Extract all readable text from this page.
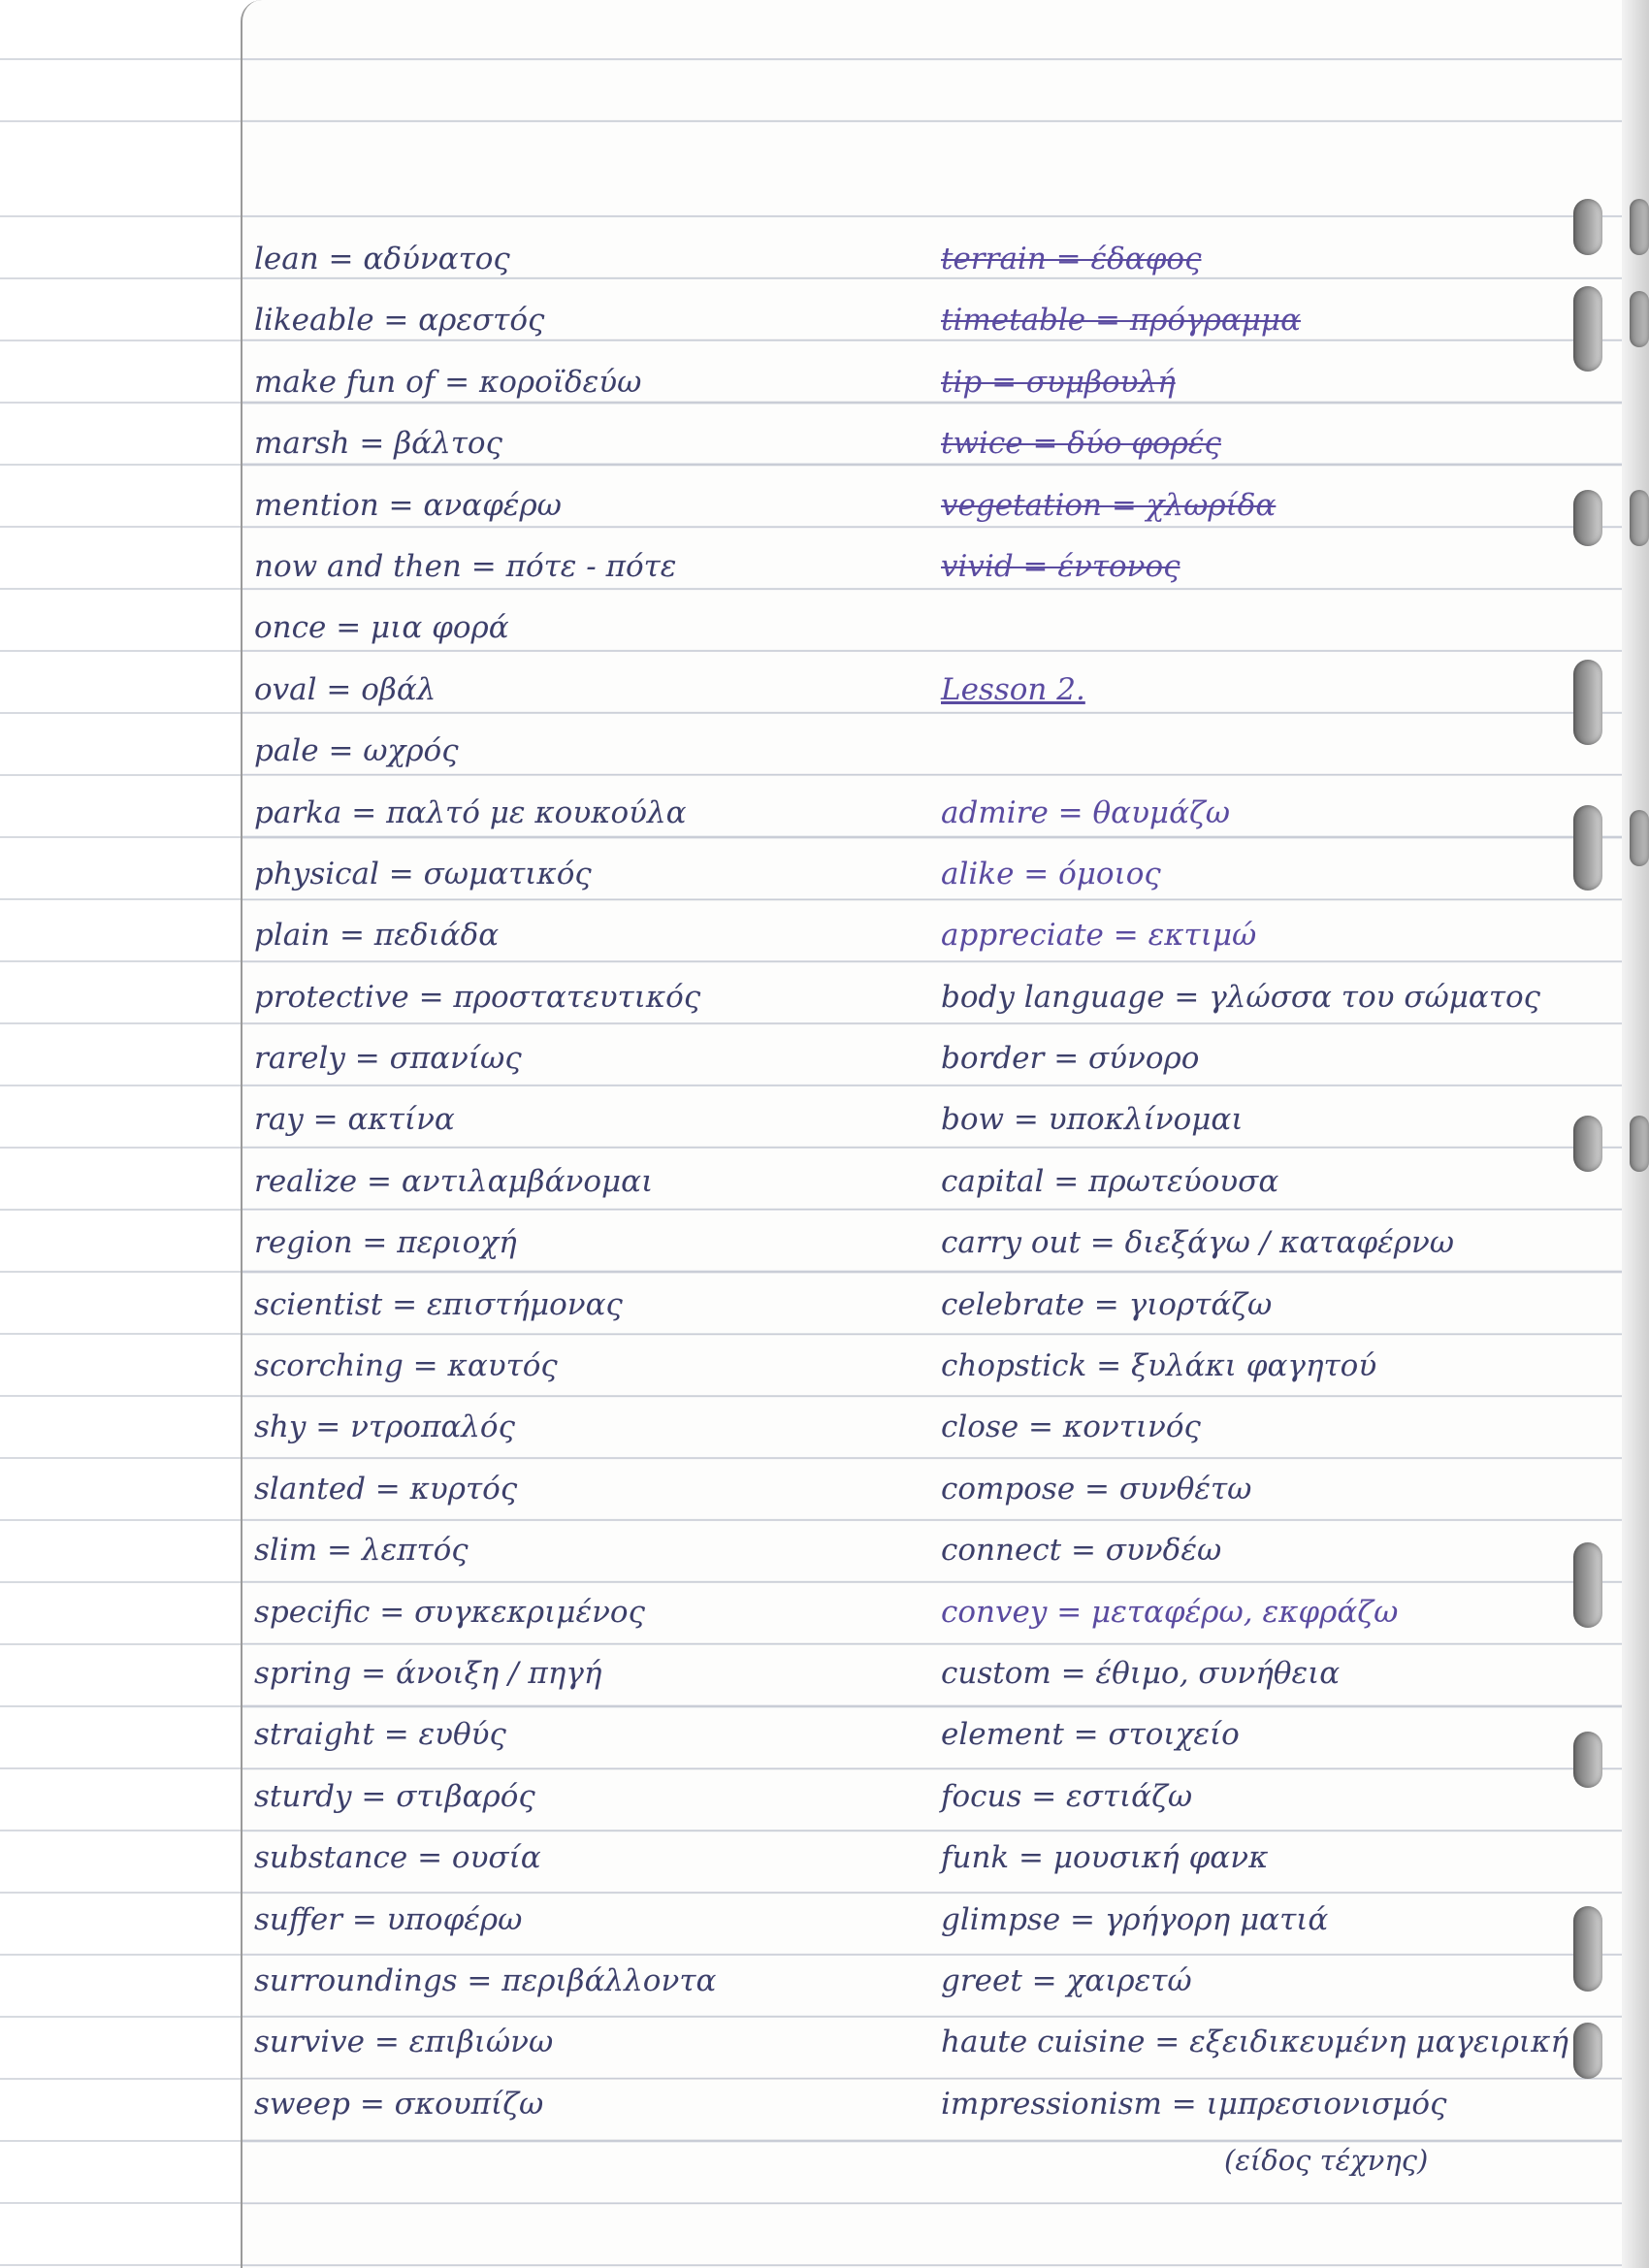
lean = αδύνατος
likeable = αρεστός
make fun of = κοροϊδεύω
marsh = βάλτος
mention = αναφέρω
now and then = πότε - πότε
once = μια φορά
oval = οβάλ
pale = ωχρός
parka = παλτό με κουκούλα
physical = σωματικός
plain = πεδιάδα
protective = προστατευτικός
rarely = σπανίως
ray = ακτίνα
realize = αντιλαμβάνομαι
region = περιοχή
scientist = επιστήμονας
scorching = καυτός
shy = ντροπαλός
slanted = κυρτός
slim = λεπτός
specific = συγκεκριμένος
spring = άνοιξη / πηγή
straight = ευθύς
sturdy = στιβαρός
substance = ουσία
suffer = υποφέρω
surroundings = περιβάλλοντα
survive = επιβιώνω
sweep = σκουπίζω
terrain = έδαφος
timetable = πρόγραμμα
tip = συμβουλή
twice = δύο φορές
vegetation = χλωρίδα
vivid = έντονος
Lesson 2.
admire = θαυμάζω
alike = όμοιος
appreciate = εκτιμώ
body language = γλώσσα του σώματος
border = σύνορο
bow = υποκλίνομαι
capital = πρωτεύουσα
carry out = διεξάγω / καταφέρνω
celebrate = γιορτάζω
chopstick = ξυλάκι φαγητού
close = κοντινός
compose = συνθέτω
connect = συνδέω
convey = μεταφέρω, εκφράζω
custom = έθιμο, συνήθεια
element = στοιχείο
focus = εστιάζω
funk = μουσική φανκ
glimpse = γρήγορη ματιά
greet = χαιρετώ
haute cuisine = εξειδικευμένη μαγειρική
impressionism = ιμπρεσιονισμός
(είδος τέχνης)
